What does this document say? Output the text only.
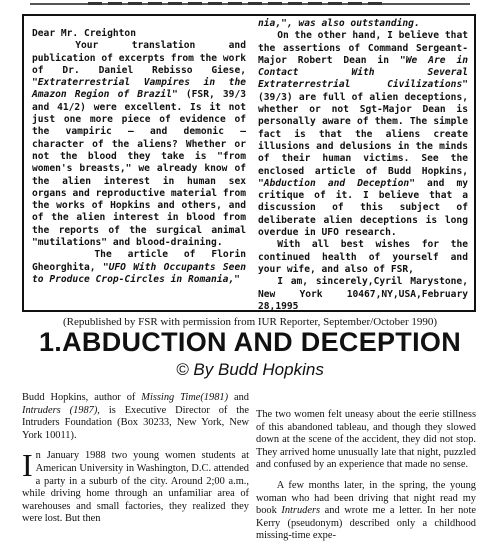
Dear Mr. Creighton

Your translation and publication of excerpts from the work of Dr. Daniel Rebisso Giese, "Extraterrestrial Vampires in the Amazon Region of Brazil" (FSR, 39/3 and 41/2) were excellent. Is it not just one more piece of evidence of the vampiric — and demonic — character of the aliens? Whether or not the blood they take is "from women's breasts," we already know of the alien interest in human sex organs and reproductive material from the works of Hopkins and others, and of the alien interest in blood from the reports of the surgical animal "mutilations" and blood-draining.

The article of Florin Gheorghita, "UFO With Occupants Seen to Produce Crop-Circles in Romania,"

nia,", was also outstanding.

On the other hand, I believe that the assertions of Command Sergeant-Major Robert Dean in "We Are in Contact With Several Extraterrestrial Civilizations"(39/3) are full of alien deceptions, whether or not Sgt-Major Dean is personally aware of them. The simple fact is that the aliens create illusions and delusions in the minds of their human victims. See the enclosed article of Budd Hopkins, "Abduction and Deception" and my critique of it. I believe that a discussion of this subject of deliberate alien deceptions is long overdue in UFO research.

With all best wishes for the continued health of yourself and your wife, and also of FSR,

I am, sincerely,Cyril Marystone, New York 10467,NY,USA,February 28,1995

(Republished by FSR with permission from IUR Reporter, September/October 1990)
1.ABDUCTION AND DECEPTION
© By Budd Hopkins

Budd Hopkins, author of Missing Time(1981) and Intruders (1987), is Executive Director of the Intruders Foundation (Box 30233, New York, New York 10011).

In January 1988 two young women students at American University in Washington, D.C. attended a party in a suburb of the city. Around 2;00 a.m., while driving home through an unfamiliar area of warehouses and small factories, they realized they were lost. But then

The two women felt uneasy about the eerie stillness of this abandoned tableau, and though they slowed down at the scene of the accident, they did not stop. They arrived home unusually late that night, puzzled and confused by an experience that made no sense.

A few months later, in the spring, the young woman who had been driving that night read my book Intruders and wrote me a letter. In her note Kerry (pseudonym) described only a childhood missing-time expe-
